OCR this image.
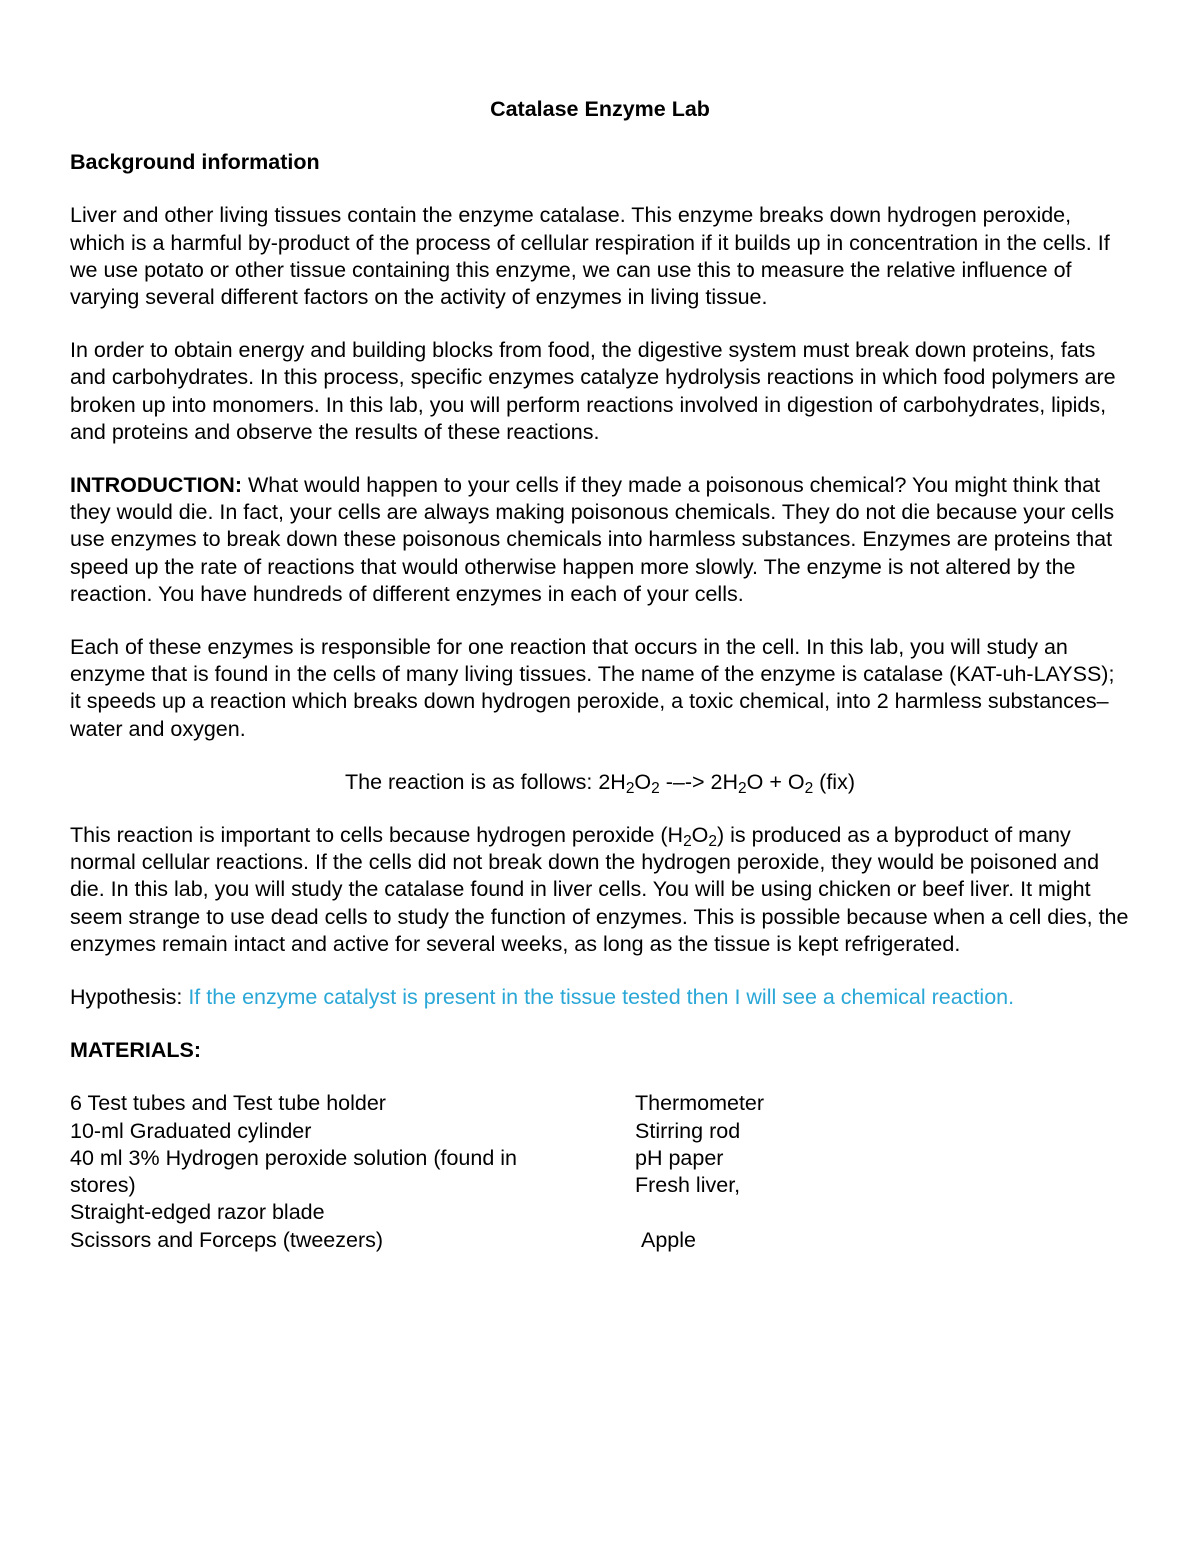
Catalase Enzyme Lab
Background information

Liver and other living tissues contain the enzyme catalase. This enzyme breaks down hydrogen peroxide, which is a harmful by-product of the process of cellular respiration if it builds up in concentration in the cells. If we use potato or other tissue containing this enzyme, we can use this to measure the relative influence of varying several different factors on the activity of enzymes in living tissue.

In order to obtain energy and building blocks from food, the digestive system must break down proteins, fats and carbohydrates. In this process, specific enzymes catalyze hydrolysis reactions in which food polymers are broken up into monomers. In this lab, you will perform reactions involved in digestion of carbohydrates, lipids, and proteins and observe the results of these reactions.

INTRODUCTION: What would happen to your cells if they made a poisonous chemical? You might think that they would die. In fact, your cells are always making poisonous chemicals. They do not die because your cells use enzymes to break down these poisonous chemicals into harmless substances. Enzymes are proteins that speed up the rate of reactions that would otherwise happen more slowly. The enzyme is not altered by the reaction. You have hundreds of different enzymes in each of your cells.

Each of these enzymes is responsible for one reaction that occurs in the cell. In this lab, you will study an enzyme that is found in the cells of many living tissues. The name of the enzyme is catalase (KAT-uh-LAYSS); it speeds up a reaction which breaks down hydrogen peroxide, a toxic chemical, into 2 harmless substances–water and oxygen.

The reaction is as follows: $2H_2O_2$ -–-> $2H_2O + O_2$ (fix)

This reaction is important to cells because hydrogen peroxide $(H_2O_2)$ is produced as a byproduct of many normal cellular reactions. If the cells did not break down the hydrogen peroxide, they would be poisoned and die. In this lab, you will study the catalase found in liver cells. You will be using chicken or beef liver. It might seem strange to use dead cells to study the function of enzymes. This is possible because when a cell dies, the enzymes remain intact and active for several weeks, as long as the tissue is kept refrigerated.

Hypothesis: If the enzyme catalyst is present in the tissue tested then I will see a chemical reaction.

MATERIALS:
6 Test tubes and Test tube holder
10-ml Graduated cylinder
40 ml 3% Hydrogen peroxide solution (found in
stores)
Straight-edged razor blade
Scissors and Forceps (tweezers)
Thermometer
Stirring rod
pH paper
Fresh liver,

Apple
